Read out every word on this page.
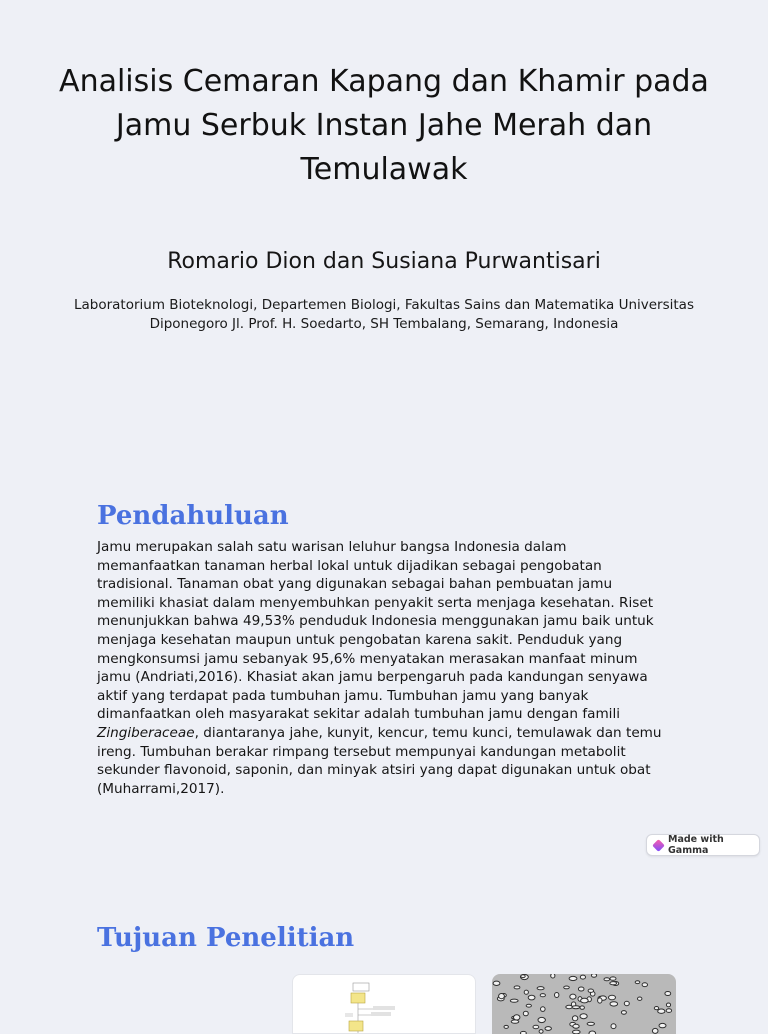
Analisis Cemaran Kapang dan Khamir pada
Jamu Serbuk Instan Jahe Merah dan
Temulawak
Romario Dion dan Susiana Purwantisari
Laboratorium Bioteknologi, Departemen Biologi, Fakultas Sains dan Matematika Universitas
Diponegoro Jl. Prof. H. Soedarto, SH Tembalang, Semarang, Indonesia
Pendahuluan

Jamu merupakan salah satu warisan leluhur bangsa Indonesia dalam memanfaatkan tanaman herbal lokal untuk dijadikan sebagai pengobatan tradisional. Tanaman obat yang digunakan sebagai bahan pembuatan jamu memiliki khasiat dalam menyembuhkan penyakit serta menjaga kesehatan. Riset menunjukkan bahwa 49,53% penduduk Indonesia menggunakan jamu baik untuk menjaga kesehatan maupun untuk pengobatan karena sakit. Penduduk yang mengkonsumsi jamu sebanyak 95,6% menyatakan merasakan manfaat minum jamu (Andriati,2016). Khasiat akan jamu berpengaruh pada kandungan senyawa aktif yang terdapat pada tumbuhan jamu. Tumbuhan jamu yang banyak dimanfaatkan oleh masyarakat sekitar adalah tumbuhan jamu dengan famili Zingiberaceae, diantaranya jahe, kunyit, kencur, temu kunci, temulawak dan temu ireng. Tumbuhan berakar rimpang tersebut mempunyai kandungan metabolit sekunder flavonoid, saponin, dan minyak atsiri yang dapat digunakan untuk obat (Muharrami,2017).

Made with Gamma
Tujuan Penelitian
